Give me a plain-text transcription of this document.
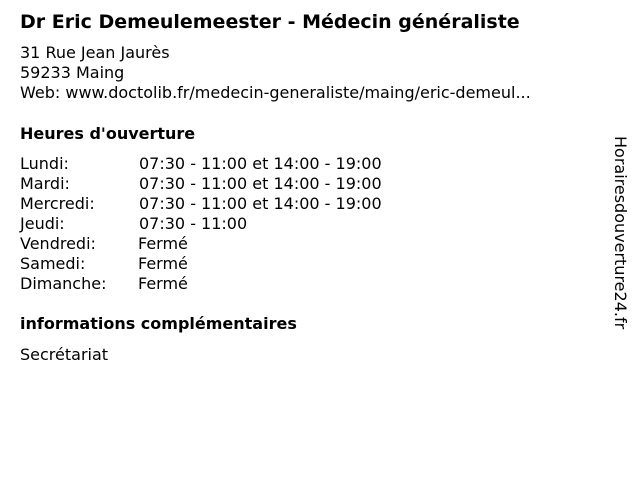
Dr Eric Demeulemeester - Médecin généraliste
31 Rue Jean Jaurès
59233 Maing
Web: www.doctolib.fr/medecin-generaliste/maing/eric-demeul...
Heures d'ouverture
Lundi:	07:30 - 11:00 et 14:00 - 19:00
Mardi:	07:30 - 11:00 et 14:00 - 19:00
Mercredi:	07:30 - 11:00 et 14:00 - 19:00
Jeudi:	07:30 - 11:00
Vendredi:	Fermé
Samedi:	Fermé
Dimanche: Fermé
informations complémentaires
Secrétariat
Horairesdouverture24.fr
